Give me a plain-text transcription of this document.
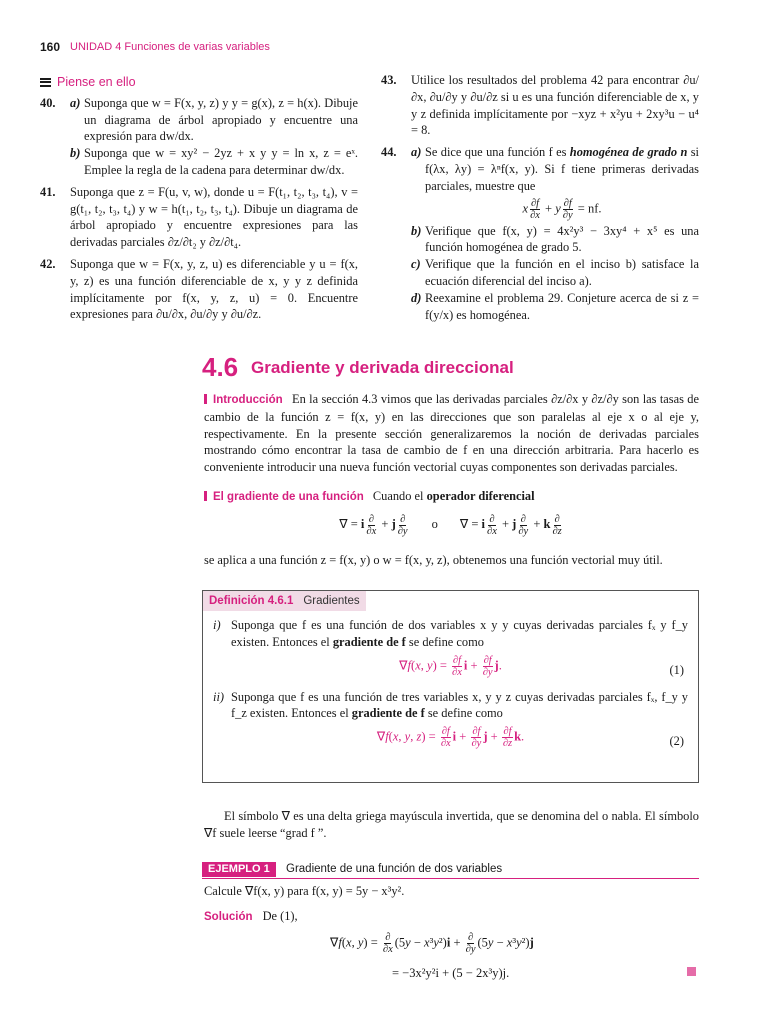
160 UNIDAD 4 Funciones de varias variables
Piense en ello
40. a) Suponga que w = F(x, y, z) y y = g(x), z = h(x). Dibuje un diagrama de árbol apropiado y encuentre una expresión para dw/dx.
b) Suponga que w = xy² − 2yz + x y y = ln x, z = eˣ. Emplee la regla de la cadena para determinar dw/dx.
41. Suponga que z = F(u, v, w), donde u = F(t₁, t₂, t₃, t₄), v = g(t₁, t₂, t₃, t₄) y w = h(t₁, t₂, t₃, t₄). Dibuje un diagrama de árbol apropiado y encuentre expresiones para las derivadas parciales ∂z/∂t₂ y ∂z/∂t₄.
42. Suponga que w = F(x, y, z, u) es diferenciable y u = f(x, y, z) es una función diferenciable de x, y y z definida implícitamente por f(x, y, z, u) = 0. Encuentre expresiones para ∂u/∂x, ∂u/∂y y ∂u/∂z.
43. Utilice los resultados del problema 42 para encontrar ∂u/∂x, ∂u/∂y y ∂u/∂z si u es una función diferenciable de x, y y z definida implícitamente por −xyz + x²yu + 2xy³u − u⁴ = 8.
44. a) Se dice que una función f es homogénea de grado n si f(λx, λy) = λⁿf(x, y). Si f tiene primeras derivadas parciales, muestre que
x $\frac{\partial f}{\partial x} + y \frac{\partial f}{\partial y}$ = nf.
b) Verifique que f(x, y) = 4x²y³ − 3xy⁴ + x⁵ es una función homogénea de grado 5.
c) Verifique que la función en el inciso b) satisface la ecuación diferencial del inciso a).
d) Reexamine el problema 29. Conjeture acerca de si z = f(y/x) es homogénea.
4.6 Gradiente y derivada direccional
Introducción En la sección 4.3 vimos que las derivadas parciales ∂z/∂x y ∂z/∂y son las tasas de cambio de la función z = f(x, y) en las direcciones que son paralelas al eje x o al eje y, respectivamente. En la presente sección generalizaremos la noción de derivadas parciales mostrando cómo encontrar la tasa de cambio de f en una dirección arbitraria. Para hacerlo es conveniente introducir una nueva función vectorial cuyas componentes son derivadas parciales.
El gradiente de una función Cuando el operador diferencial
∇ = i $\frac{\partial}{\partial x} + j \frac{\partial}{\partial y}$ o ∇ = i $\frac{\partial}{\partial x} + j \frac{\partial}{\partial y} + k \frac{\partial}{\partial z}$
se aplica a una función z = f(x, y) o w = f(x, y, z), obtenemos una función vectorial muy útil.
Definición 4.6.1 Gradientes
i) Suponga que f es una función de dos variables x y y cuyas derivadas parciales fₓ y f_y existen. Entonces el gradiente de f se define como
∇f(x, $y) = \frac{\partial f}{\partial x}$ $i + \frac{\partial f}{\partial y} j$.	(1)
ii) Suponga que f es una función de tres variables x, y y z cuyas derivadas parciales fₓ, f_y y f_z existen. Entonces el gradiente de f se define como
∇f(x, y, $z) = \frac{\partial f}{\partial x}$ $i + \frac{\partial f}{\partial y}$ $j + \frac{\partial f}{\partial z} k$.	(2)
El símbolo ∇ es una delta griega mayúscula invertida, que se denomina del o nabla. El símbolo ∇f suele leerse “grad f ”.
EJEMPLO 1	Gradiente de una función de dos variables
Calcule ∇f(x, y) para f(x, y) = 5y − x³y².
Solución De (1),
∇f(x, $y) = \frac{\partial}{\partial x} (5y - x^3y^2)i + \frac{\partial}{\partial y} (5y - x^3y^2)j$
= −3x²y²i + (5 − 2x³y)j.
